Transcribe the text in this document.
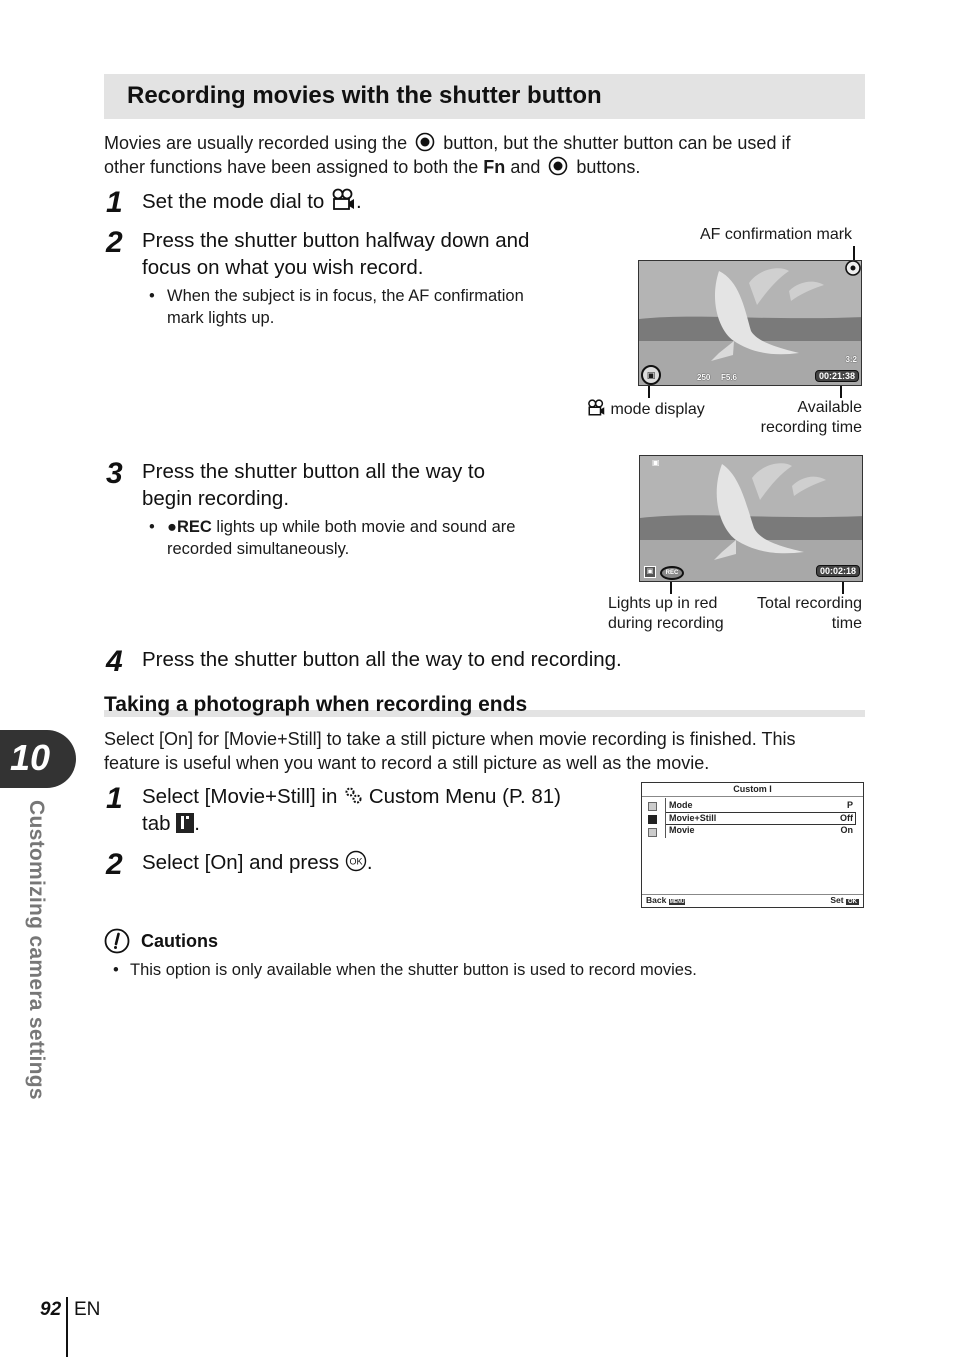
Recording movies with the shutter button
Movies are usually recorded using the button, but the shutter button can be used if
other functions have been assigned to both the Fn and buttons.
1 Set the mode dial to .
2 Press the shutter button halfway down and
focus on what you wish record.
• When the subject is in focus, the AF confirmation
mark lights up.
AF confirmation mark
3:2
▣	250 F5.6	00:21:38
mode display	Available
recording time
3 Press the shutter button all the way to
begin recording.
• ●REC lights up while both movie and sound are
recorded simultaneously.
▣
▣	REC	00:02:18
Lights up in red
during recording
Total recording
time
4 Press the shutter button all the way to end recording.
Taking a photograph when recording ends
Select [On] for [Movie+Still] to take a still picture when movie recording is finished. This
feature is useful when you want to record a still picture as well as the movie.
1 Select [Movie+Still] in Custom Menu (P. 81)
tab .
2 Select [On] and press OK .
Custom I
Mode	P
Movie+Still	Off
Movie	On
Back MENU	Set OK
Cautions
• This option is only available when the shutter button is used to record movies.
10
Customizing camera settings
92 EN
